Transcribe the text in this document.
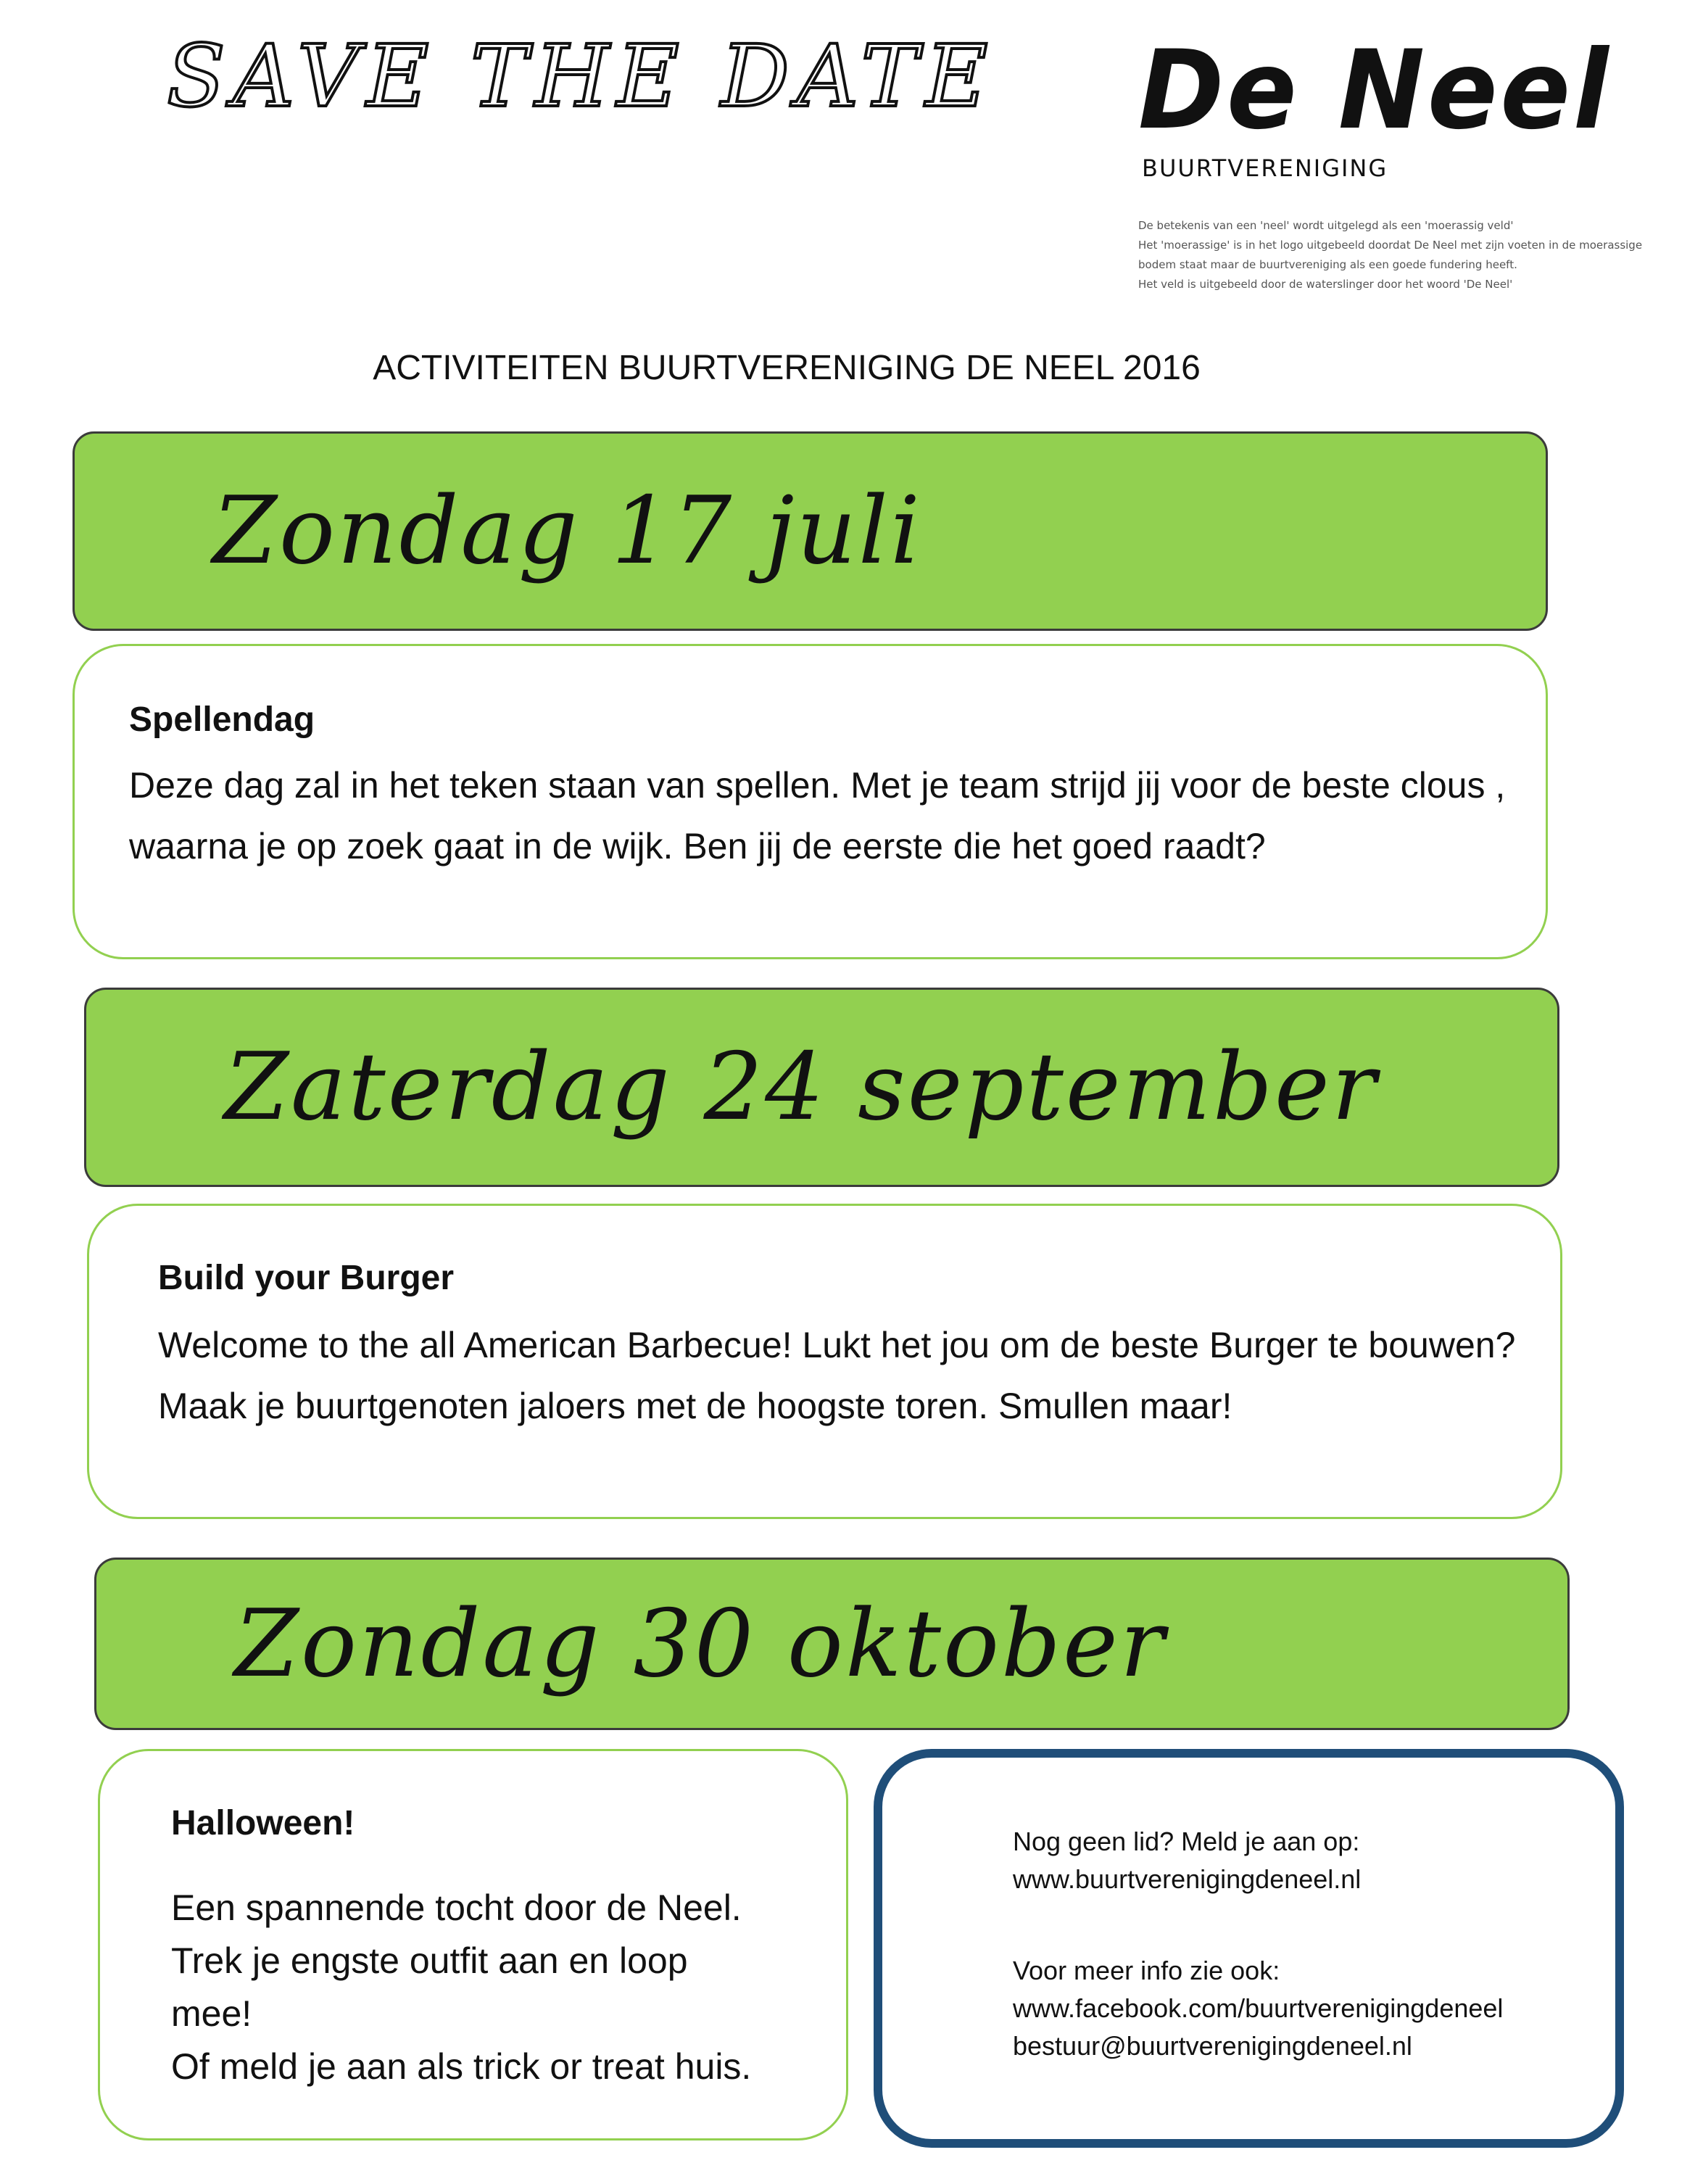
SAVE THE DATE De Neel
BUURTVERENIGING
De betekenis van een 'neel' wordt uitgelegd als een 'moerassig veld'
Het 'moerassige' is in het logo uitgebeeld doordat De Neel met zijn voeten in de moerassige
bodem staat maar de buurtvereniging als een goede fundering heeft.
Het veld is uitgebeeld door de waterslinger door het woord 'De Neel'
ACTIVITEITEN BUURTVERENIGING DE NEEL 2016
Zondag 17 juli
Spellendag
Deze dag zal in het teken staan van spellen. Met je team strijd jij voor de beste clous , waarna je op zoek gaat in de wijk. Ben jij de eerste die het goed raadt?
Zaterdag 24 september
Build your Burger
Welcome to the all American Barbecue! Lukt het jou om de beste Burger te bouwen? Maak je buurtgenoten jaloers met de hoogste toren. Smullen maar!
Zondag 30 oktober
Halloween!
Een spannende tocht door de Neel.
Trek je engste outfit aan en loop
mee!
Of meld je aan als trick or treat huis.
Nog geen lid? Meld je aan op:
www.buurtverenigingdeneel.nl
Voor meer info zie ook:
www.facebook.com/buurtverenigingdeneel
bestuur@buurtverenigingdeneel.nl
